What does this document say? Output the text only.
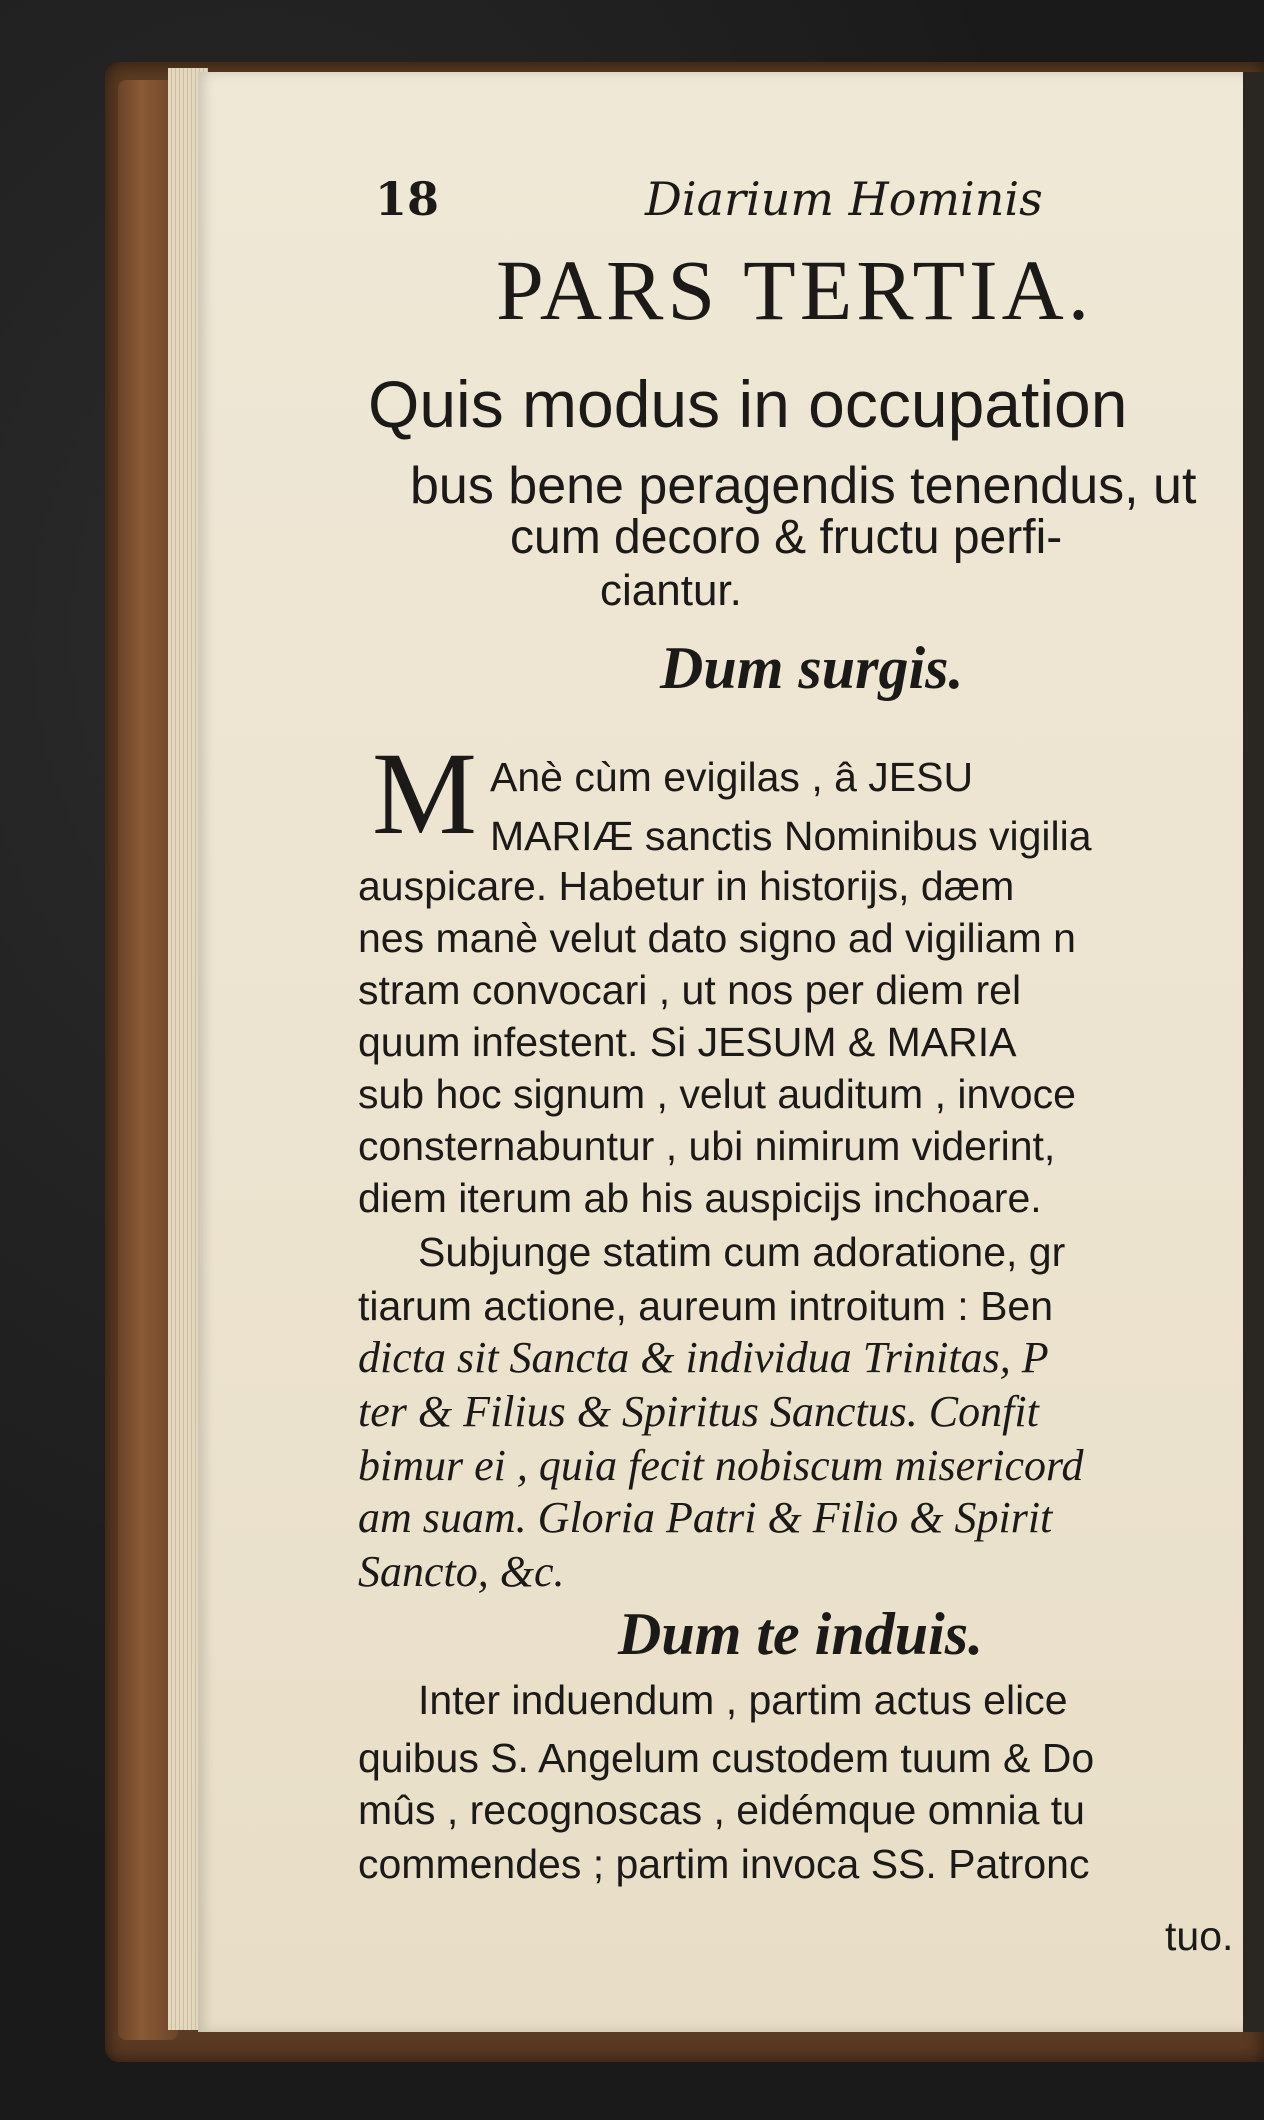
18	Diarium Hominis
PARS TERTIA.
Quis modus in occupation
bus bene peragendis tenendus, ut
cum decoro & fructu perfi-
ciantur.
Dum surgis.
M Anè cùm evigilas , â JESU
MARIÆ sanctis Nominibus vigilia
auspicare. Habetur in historijs, dæm
nes manè velut dato signo ad vigiliam n
stram convocari , ut nos per diem rel
quum infestent. Si JESUM & MARIA
sub hoc signum , velut auditum , invoce
consternabuntur , ubi nimirum viderint,
diem iterum ab his auspicijs inchoare.
Subjunge statim cum adoratione, gr
tiarum actione, aureum introitum : Ben
dicta sit Sancta & individua Trinitas, P
ter & Filius & Spiritus Sanctus. Confit
bimur ei , quia fecit nobiscum misericord
am suam. Gloria Patri & Filio & Spirit
Sancto, &c.
Dum te induis.
Inter induendum , partim actus elice
quibus S. Angelum custodem tuum & Do
mûs , recognoscas , eidémque omnia tu
commendes ; partim invoca SS. Patronc
tuo.
